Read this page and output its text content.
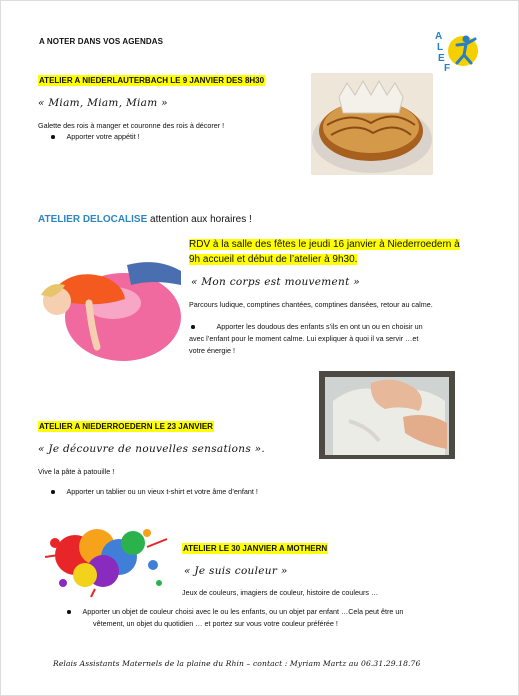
A NOTER DANS VOS AGENDAS	A
L
E
F
ATELIER A NIEDERLAUTERBACH LE 9 JANVIER DES 8H30
« Miam, Miam, Miam »
Galette des rois à manger et couronne des rois à décorer !
Apporter votre appétit !
ATELIER DELOCALISE attention aux horaires !
RDV à la salle des fêtes le jeudi 16 janvier à Niederroedern à
9h accueil et début de l’atelier à 9h30.
« Mon corps est mouvement »
Parcours ludique, comptines chantées, comptines dansées, retour au calme.
Apporter les doudous des enfants s’ils en ont un ou en choisir un
avec l’enfant pour le moment calme. Lui expliquer à quoi il va servir …et
votre énergie !
ATELIER A NIEDERROEDERN LE 23 JANVIER
« Je découvre de nouvelles sensations ».
Vive la pâte à patouille !
Apporter un tablier ou un vieux t-shirt et votre âme d’enfant !
ATELIER LE 30 JANVIER A MOTHERN
« Je suis couleur »
Jeux de couleurs, imagiers de couleur, histoire de couleurs …
Apporter un objet de couleur choisi avec le ou les enfants, ou un objet par enfant …Cela peut être un
vêtement, un objet du quotidien … et portez sur vous votre couleur préférée !
Relais Assistants Maternels de la plaine du Rhin – contact : Myriam Martz au 06.31.29.18.76
